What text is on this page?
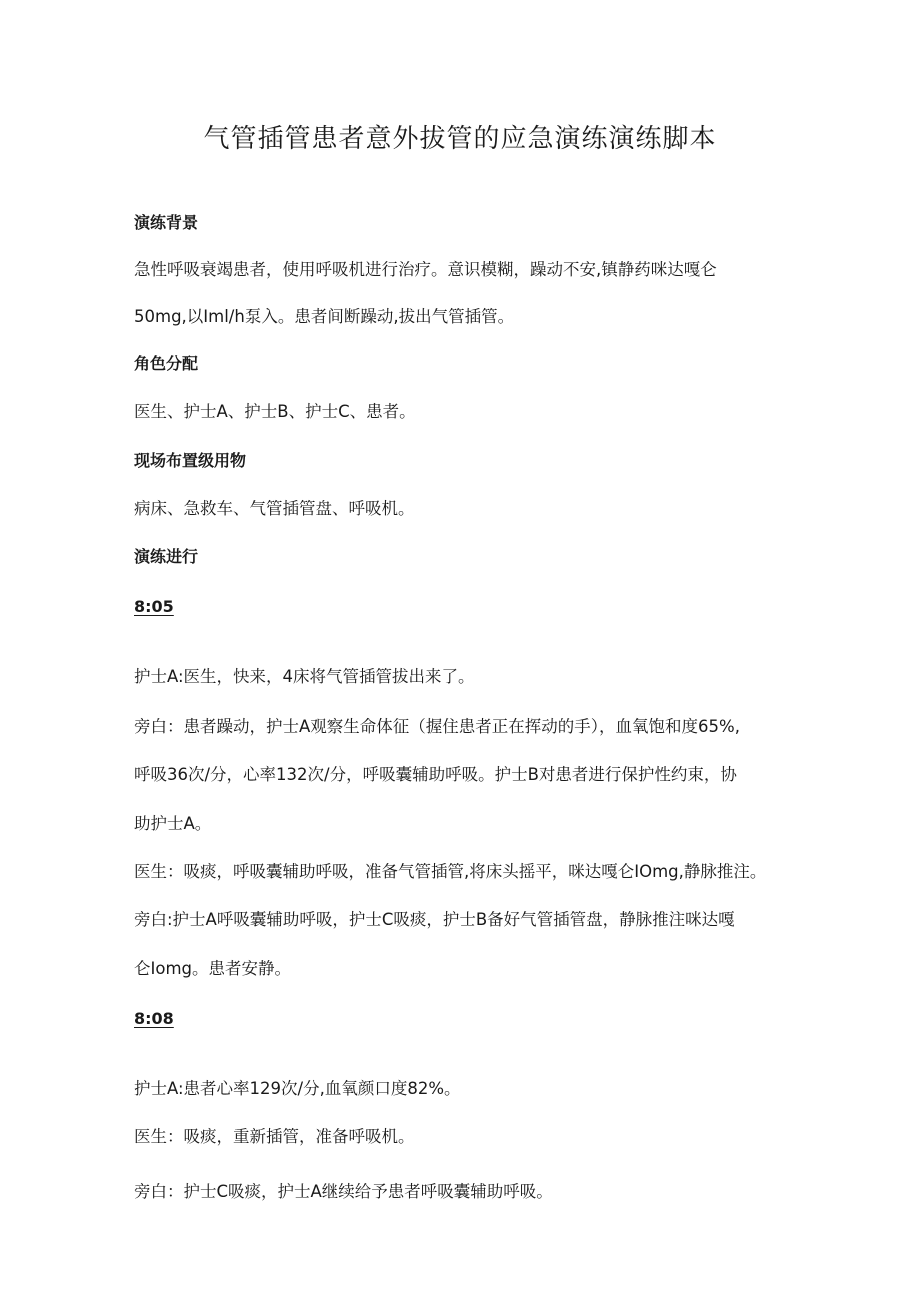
气管插管患者意外拔管的应急演练演练脚本
演练背景
急性呼吸衰竭患者，使用呼吸机进行治疗。意识模糊，躁动不安,镇静药咪达嘎仑
50mg,以Iml/h泵入。患者间断躁动,拔出气管插管。
角色分配
医生、护士A、护士B、护士C、患者。
现场布置级用物
病床、急救车、气管插管盘、呼吸机。
演练进行
8:05
护士A:医生，快来，4床将气管插管拔出来了。
旁白：患者躁动，护士A观察生命体征（握住患者正在挥动的手），血氧饱和度65%,
呼吸36次/分，心率132次/分，呼吸囊辅助呼吸。护士B对患者进行保护性约束，协
助护士A。
医生：吸痰，呼吸囊辅助呼吸，准备气管插管,将床头摇平，咪达嘎仑IOmg,静脉推注。
旁白:护士A呼吸囊辅助呼吸，护士C吸痰，护士B备好气管插管盘，静脉推注咪达嘎
仑Iomg。患者安静。
8:08
护士A:患者心率129次/分,血氧颜口度82%。
医生：吸痰，重新插管，准备呼吸机。
旁白：护士C吸痰，护士A继续给予患者呼吸囊辅助呼吸。
